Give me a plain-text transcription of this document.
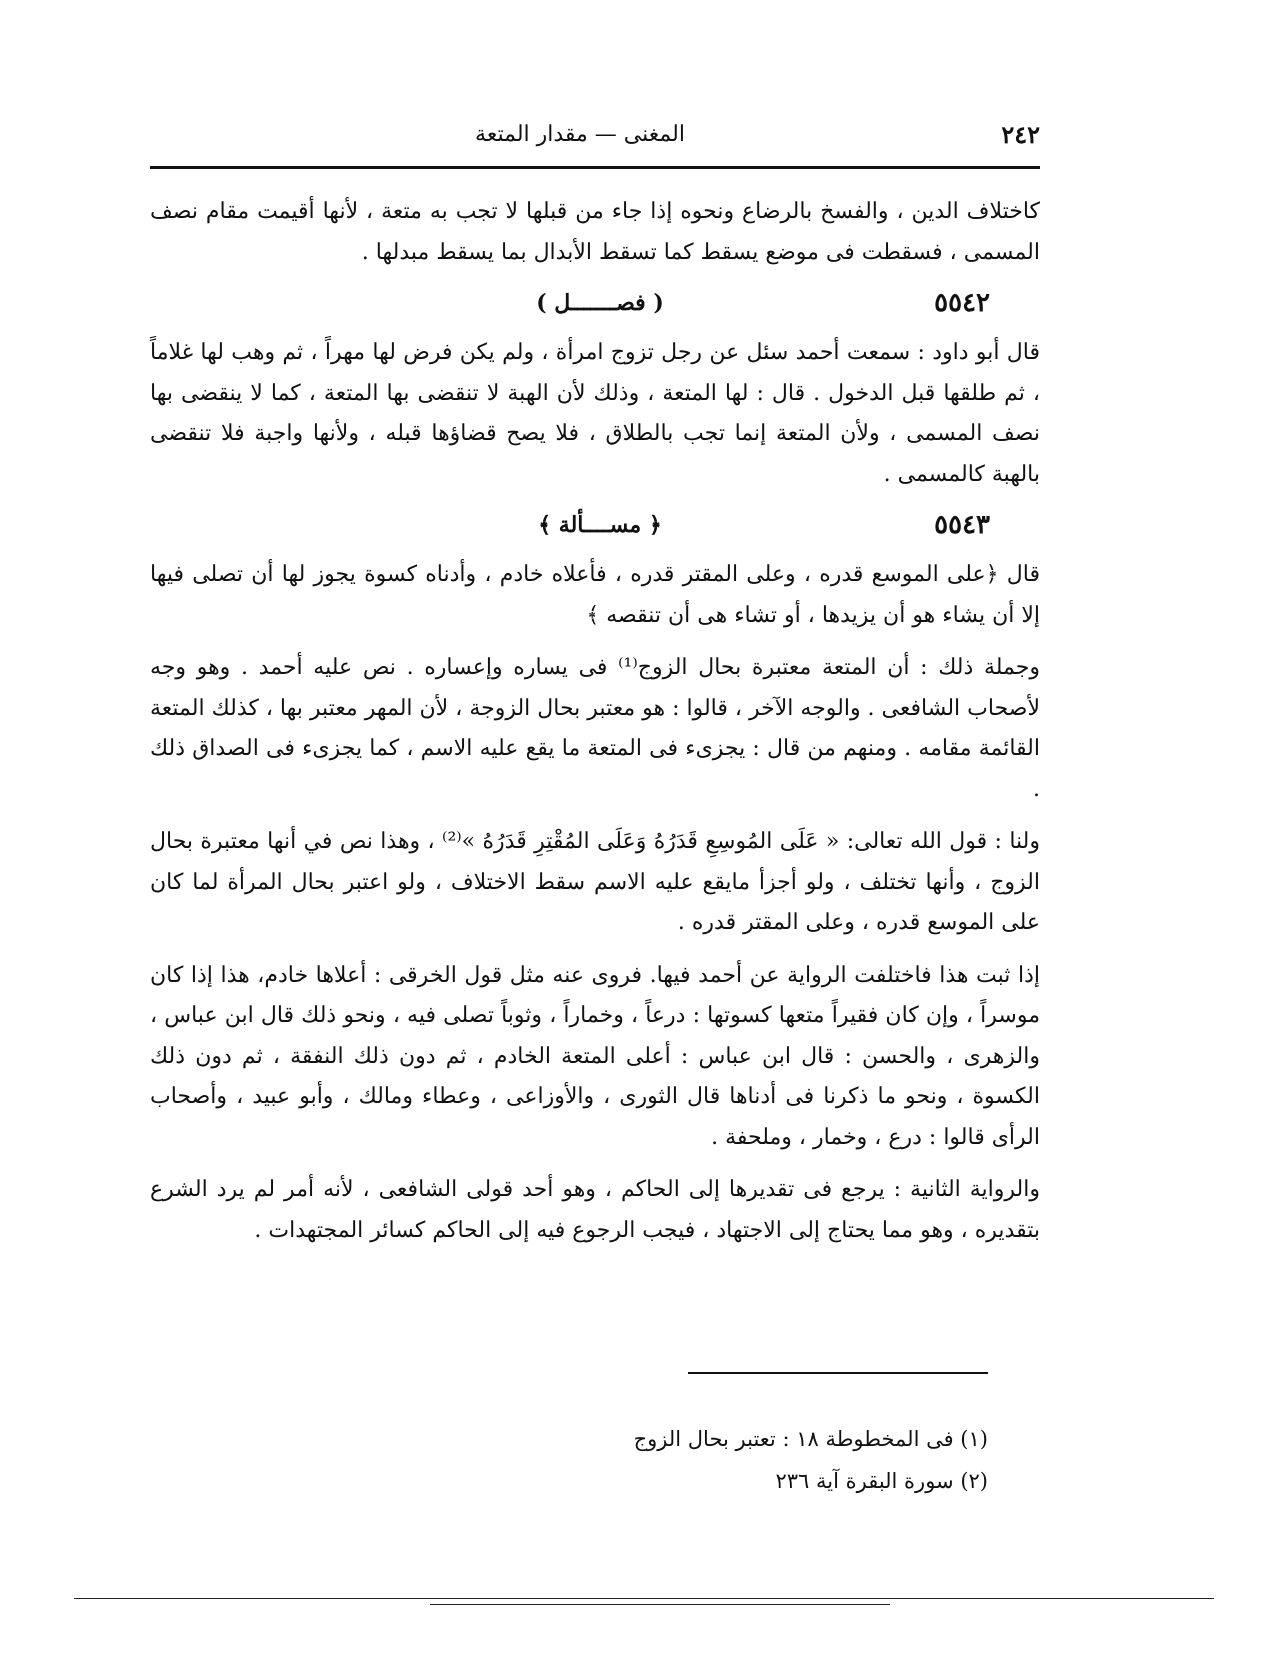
٢٤٢
المغنى — مقدار المتعة

كاختلاف الدين ، والفسخ بالرضاع ونحوه إذا جاء من قبلها لا تجب به متعة ، لأنها أقيمت مقام نصف المسمى ، فسقطت فى موضع يسقط كما تسقط الأبدال بما يسقط مبدلها .

٥٥٤٢
( فصـــــــل )

قال أبو داود : سمعت أحمد سئل عن رجل تزوج امرأة ، ولم يكن فرض لها مهراً ، ثم وهب لها غلاماً ، ثم طلقها قبل الدخول . قال : لها المتعة ، وذلك لأن الهبة لا تنقضى بها المتعة ، كما لا ينقضى بها نصف المسمى ، ولأن المتعة إنما تجب بالطلاق ، فلا يصح قضاؤها قبله ، ولأنها واجبة فلا تنقضى بالهبة كالمسمى .

٥٥٤٣
﴿ مســــألة ﴾

قال ﴿على الموسع قدره ، وعلى المقتر قدره ، فأعلاه خادم ، وأدناه كسوة يجوز لها أن تصلى فيها إلا أن يشاء هو أن يزيدها ، أو تشاء هى أن تنقصه ﴾

وجملة ذلك : أن المتعة معتبرة بحال الزوج⁽¹⁾ فى يساره وإعساره . نص عليه أحمد . وهو وجه لأصحاب الشافعى . والوجه الآخر ، قالوا : هو معتبر بحال الزوجة ، لأن المهر معتبر بها ، كذلك المتعة القائمة مقامه . ومنهم من قال : يجزىء فى المتعة ما يقع عليه الاسم ، كما يجزىء فى الصداق ذلك .

ولنا : قول الله تعالى: « عَلَى المُوسِعِ قَدَرُهُ وَعَلَى المُقْتِرِ قَدَرُهُ »⁽²⁾ ، وهذا نص في أنها معتبرة بحال الزوج ، وأنها تختلف ، ولو أجزأ مايقع عليه الاسم سقط الاختلاف ، ولو اعتبر بحال المرأة لما كان على الموسع قدره ، وعلى المقتر قدره .

إذا ثبت هذا فاختلفت الرواية عن أحمد فيها. فروى عنه مثل قول الخرقى : أعلاها خادم، هذا إذا كان موسراً ، وإن كان فقيراً متعها كسوتها : درعاً ، وخماراً ، وثوباً تصلى فيه ، ونحو ذلك قال ابن عباس ، والزهرى ، والحسن : قال ابن عباس : أعلى المتعة الخادم ، ثم دون ذلك النفقة ، ثم دون ذلك الكسوة ، ونحو ما ذكرنا فى أدناها قال الثورى ، والأوزاعى ، وعطاء ومالك ، وأبو عبيد ، وأصحاب الرأى قالوا : درع ، وخمار ، وملحفة .

والرواية الثانية : يرجع فى تقديرها إلى الحاكم ، وهو أحد قولى الشافعى ، لأنه أمر لم يرد الشرع بتقديره ، وهو مما يحتاج إلى الاجتهاد ، فيجب الرجوع فيه إلى الحاكم كسائر المجتهدات .

(١) فى المخطوطة ١٨ : تعتبر بحال الزوج

(٢) سورة البقرة آية ٢٣٦
